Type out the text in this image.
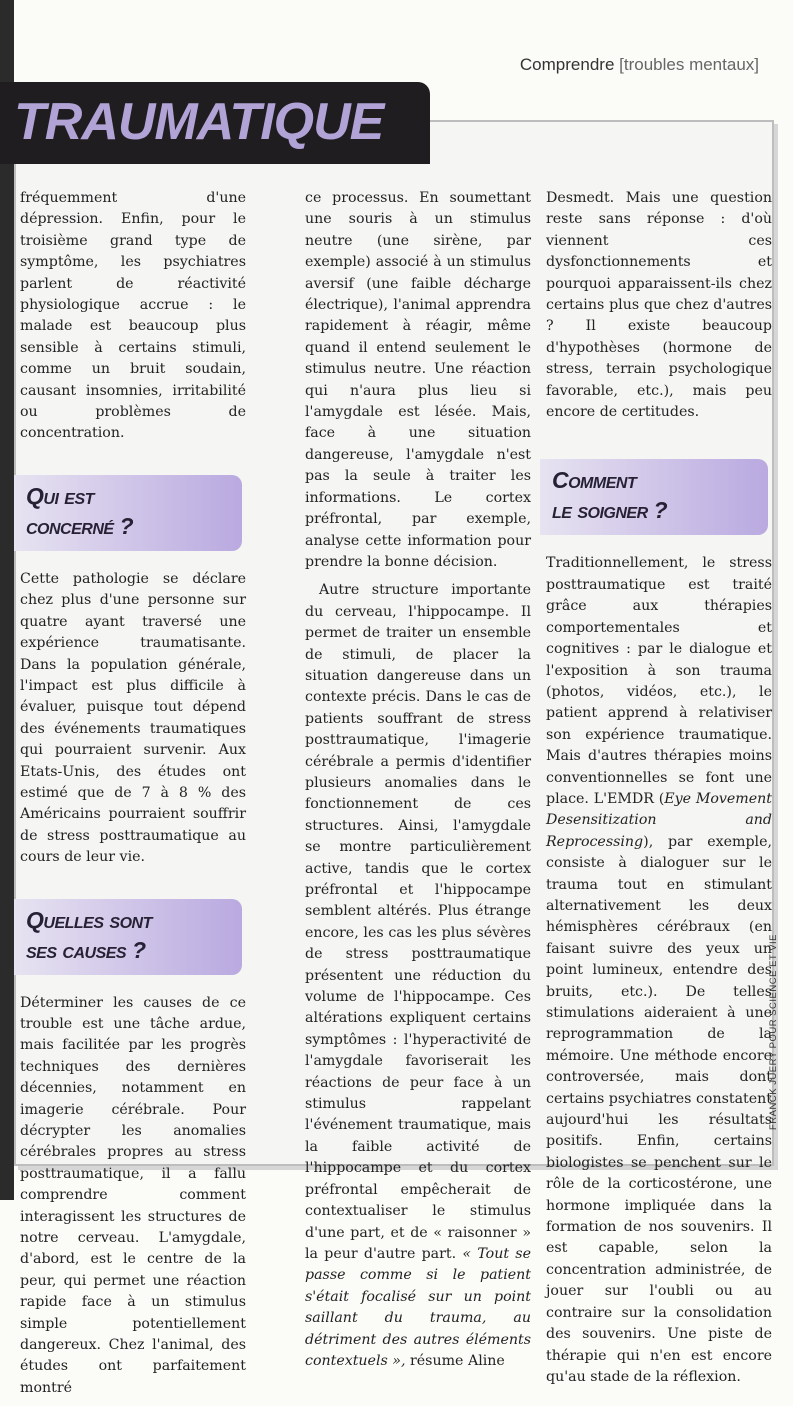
Comprendre [troubles mentaux]
TRAUMATIQUE

fréquemment d'une dépression. Enfin, pour le troisième grand type de symptôme, les psychiatres parlent de réactivité physiologique accrue : le malade est beaucoup plus sensible à certains stimuli, comme un bruit soudain, causant insomnies, irritabilité ou problèmes de concentration.

Qui est
concerné ?

Cette pathologie se déclare chez plus d'une personne sur quatre ayant traversé une expérience traumatisante. Dans la population générale, l'impact est plus difficile à évaluer, puisque tout dépend des événements traumatiques qui pourraient survenir. Aux Etats-Unis, des études ont estimé que de 7 à 8 % des Américains pourraient souffrir de stress posttraumatique au cours de leur vie.

Quelles sont
ses causes ?

Déterminer les causes de ce trouble est une tâche ardue, mais facilitée par les progrès techniques des dernières décennies, notamment en imagerie cérébrale. Pour décrypter les anomalies cérébrales propres au stress posttraumatique, il a fallu comprendre comment interagissent les structures de notre cerveau. L'amygdale, d'abord, est le centre de la peur, qui permet une réaction rapide face à un stimulus simple potentiellement dangereux. Chez l'animal, des études ont parfaitement montré

ce processus. En soumettant une souris à un stimulus neutre (une sirène, par exemple) associé à un stimulus aversif (une faible décharge électrique), l'animal apprendra rapidement à réagir, même quand il entend seulement le stimulus neutre. Une réaction qui n'aura plus lieu si l'amygdale est lésée. Mais, face à une situation dangereuse, l'amygdale n'est pas la seule à traiter les informations. Le cortex préfrontal, par exemple, analyse cette information pour prendre la bonne décision.

Autre structure importante du cerveau, l'hippocampe. Il permet de traiter un ensemble de stimuli, de placer la situation dangereuse dans un contexte précis. Dans le cas de patients souffrant de stress posttraumatique, l'imagerie cérébrale a permis d'identifier plusieurs anomalies dans le fonctionnement de ces structures. Ainsi, l'amygdale se montre particulièrement active, tandis que le cortex préfrontal et l'hippocampe semblent altérés. Plus étrange encore, les cas les plus sévères de stress posttraumatique présentent une réduction du volume de l'hippocampe. Ces altérations expliquent certains symptômes : l'hyperactivité de l'amygdale favoriserait les réactions de peur face à un stimulus rappelant l'événement traumatique, mais la faible activité de l'hippocampe et du cortex préfrontal empêcherait de contextualiser le stimulus d'une part, et de « raisonner » la peur d'autre part. « Tout se passe comme si le patient s'était focalisé sur un point saillant du trauma, au détriment des autres éléments contextuels », résume Aline

Desmedt. Mais une question reste sans réponse : d'où viennent ces dysfonctionnements et pourquoi apparaissent-ils chez certains plus que chez d'autres ? Il existe beaucoup d'hypothèses (hormone de stress, terrain psychologique favorable, etc.), mais peu encore de certitudes.

Comment
le soigner ?

Traditionnellement, le stress posttraumatique est traité grâce aux thérapies comportementales et cognitives : par le dialogue et l'exposition à son trauma (photos, vidéos, etc.), le patient apprend à relativiser son expérience traumatique. Mais d'autres thérapies moins conventionnelles se font une place. L'EMDR (Eye Movement Desensitization and Reprocessing), par exemple, consiste à dialoguer sur le trauma tout en stimulant alternativement les deux hémisphères cérébraux (en faisant suivre des yeux un point lumineux, entendre des bruits, etc.). De telles stimulations aideraient à une reprogrammation de la mémoire. Une méthode encore controversée, mais dont certains psychiatres constatent aujourd'hui les résultats positifs. Enfin, certains biologistes se penchent sur le rôle de la corticostérone, une hormone impliquée dans la formation de nos souvenirs. Il est capable, selon la concentration administrée, de jouer sur l'oubli ou au contraire sur la consolidation des souvenirs. Une piste de thérapie qui n'en est encore qu'au stade de la réflexion.

FRANCK JUERY POUR SCIENCE ET VIE
